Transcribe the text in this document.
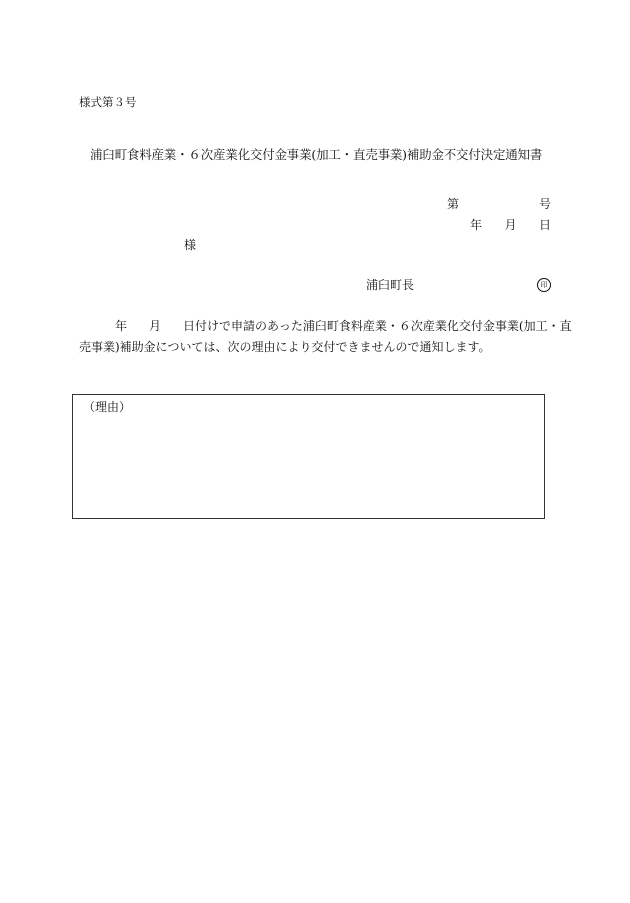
様式第３号
浦臼町食料産業・６次産業化交付金事業(加工・直売事業)補助金不交付決定通知書
第	号
年 月 日
様
浦臼町長	印
年 月 日付けで申請のあった浦臼町食料産業・６次産業化交付金事業(加工・直
売事業)補助金については、次の理由により交付できませんので通知します。
（理由）
